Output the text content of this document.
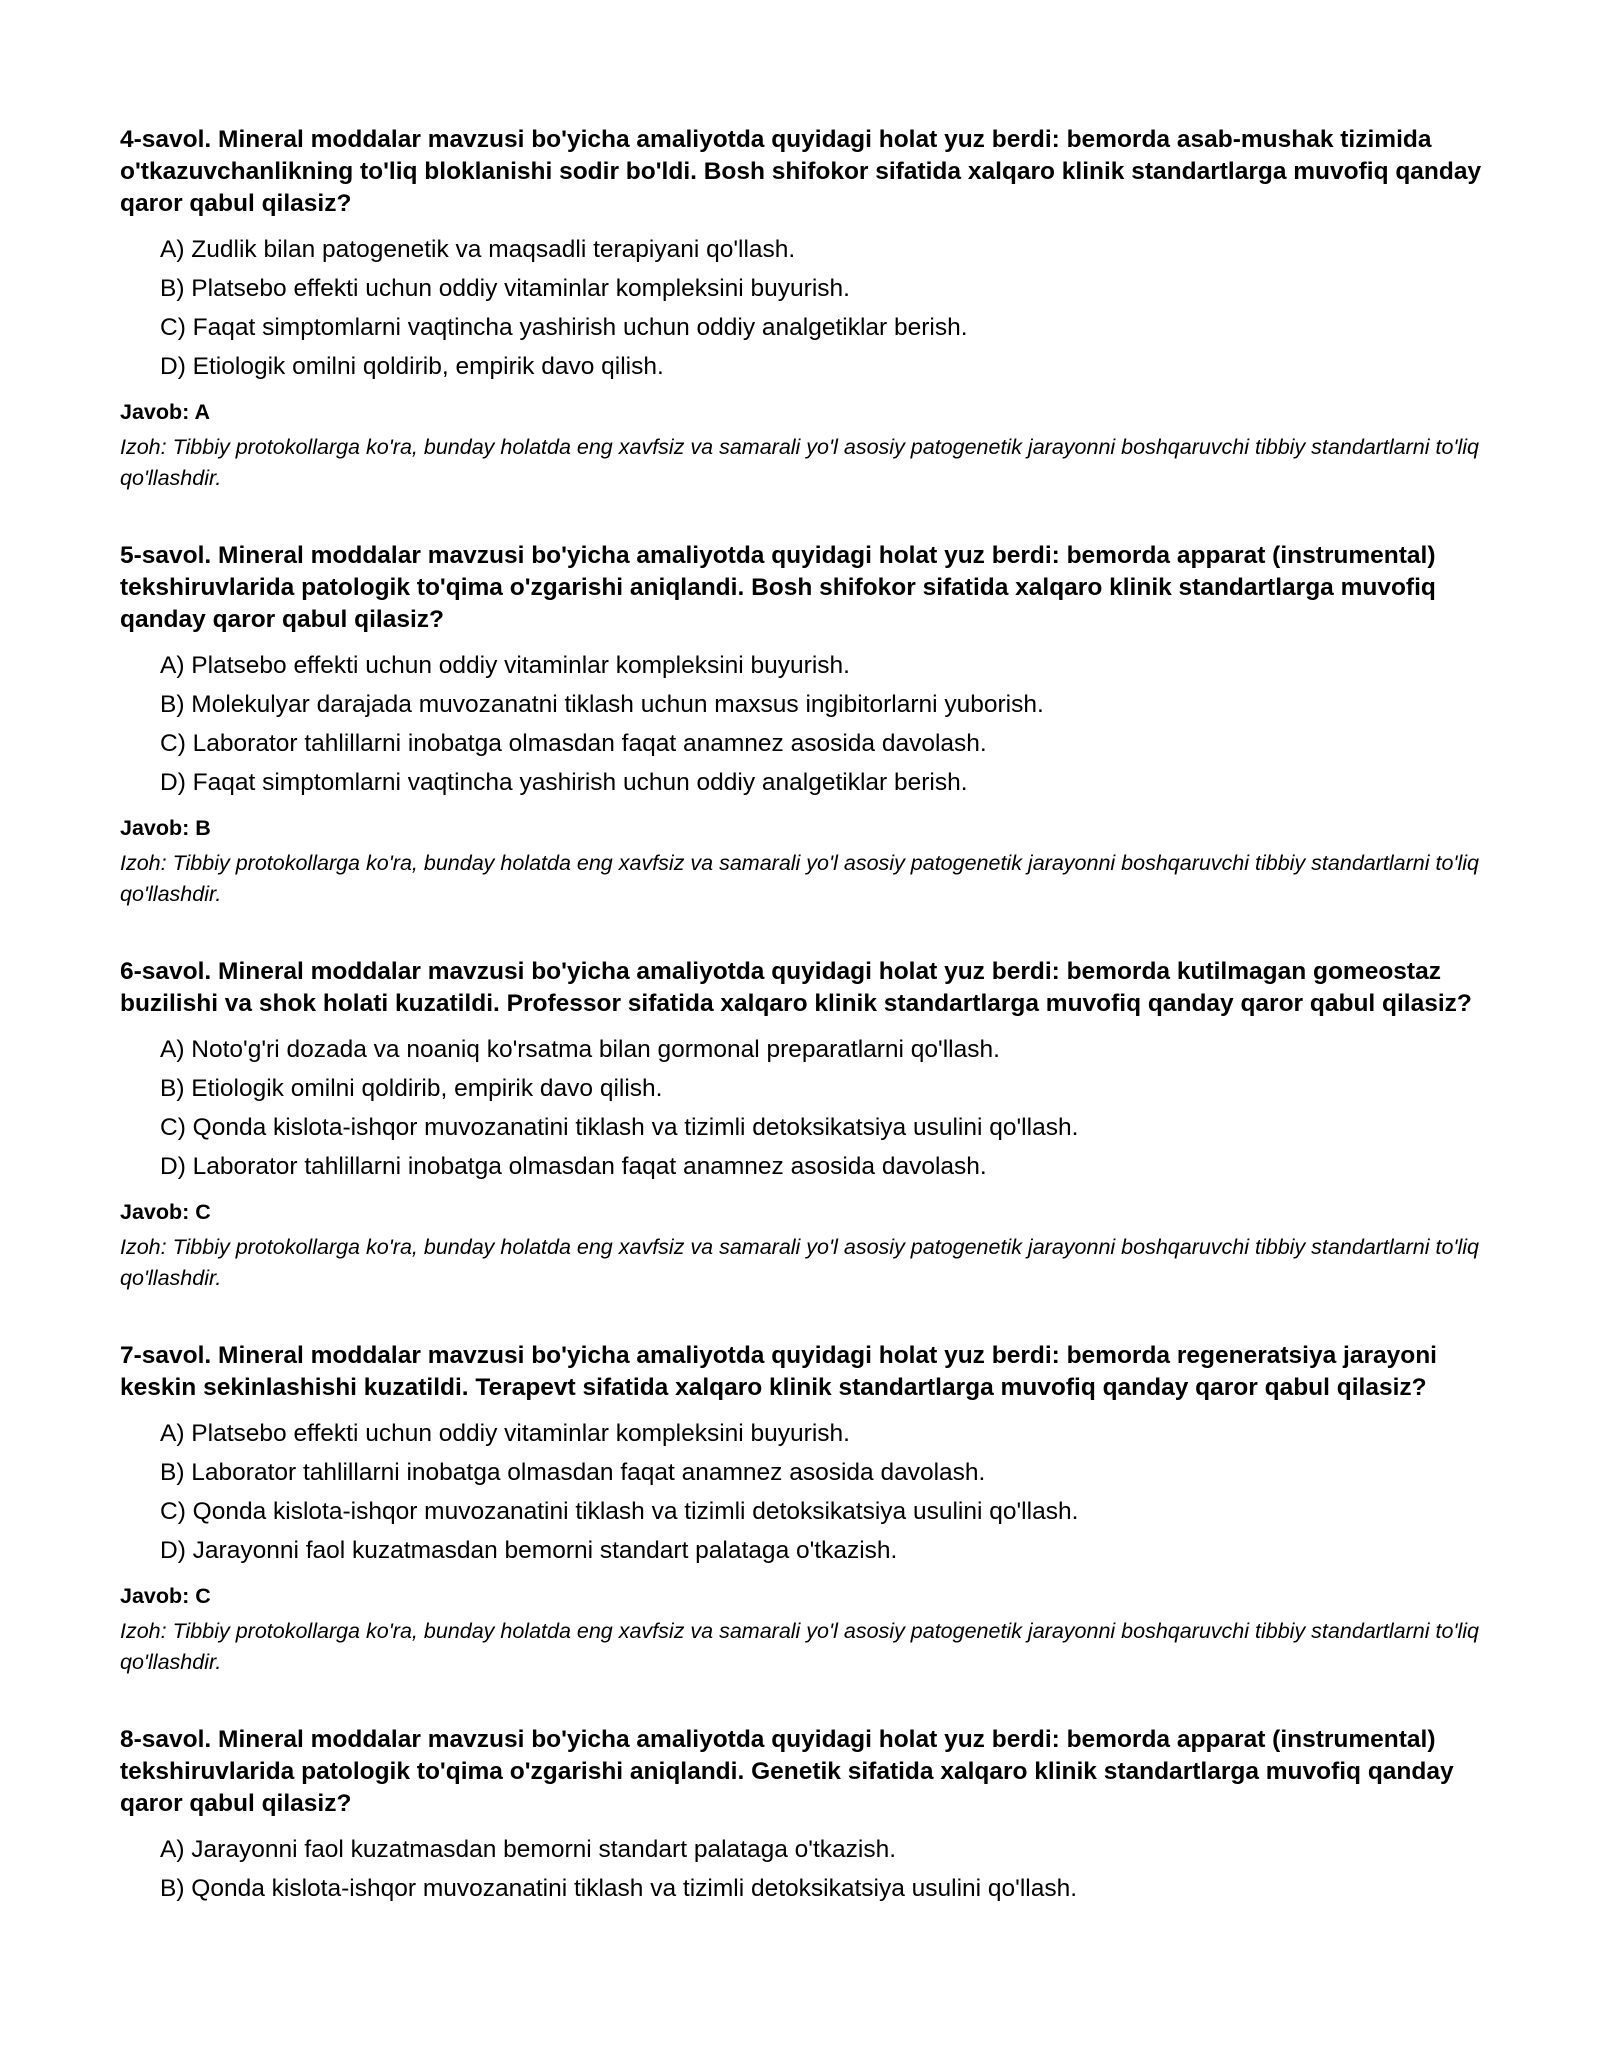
4-savol. Mineral moddalar mavzusi bo'yicha amaliyotda quyidagi holat yuz berdi: bemorda asab-mushak tizimida o'tkazuvchanlikning to'liq bloklanishi sodir bo'ldi. Bosh shifokor sifatida xalqaro klinik standartlarga muvofiq qanday qaror qabul qilasiz?

A) Zudlik bilan patogenetik va maqsadli terapiyani qo'llash.
B) Platsebo effekti uchun oddiy vitaminlar kompleksini buyurish.
C) Faqat simptomlarni vaqtincha yashirish uchun oddiy analgetiklar berish.
D) Etiologik omilni qoldirib, empirik davo qilish.

Javob: A

Izoh: Tibbiy protokollarga ko'ra, bunday holatda eng xavfsiz va samarali yo'l asosiy patogenetik jarayonni boshqaruvchi tibbiy standartlarni to'liq qo'llashdir.

5-savol. Mineral moddalar mavzusi bo'yicha amaliyotda quyidagi holat yuz berdi: bemorda apparat (instrumental) tekshiruvlarida patologik to'qima o'zgarishi aniqlandi. Bosh shifokor sifatida xalqaro klinik standartlarga muvofiq qanday qaror qabul qilasiz?

A) Platsebo effekti uchun oddiy vitaminlar kompleksini buyurish.
B) Molekulyar darajada muvozanatni tiklash uchun maxsus ingibitorlarni yuborish.
C) Laborator tahlillarni inobatga olmasdan faqat anamnez asosida davolash.
D) Faqat simptomlarni vaqtincha yashirish uchun oddiy analgetiklar berish.

Javob: B

Izoh: Tibbiy protokollarga ko'ra, bunday holatda eng xavfsiz va samarali yo'l asosiy patogenetik jarayonni boshqaruvchi tibbiy standartlarni to'liq qo'llashdir.

6-savol. Mineral moddalar mavzusi bo'yicha amaliyotda quyidagi holat yuz berdi: bemorda kutilmagan gomeostaz buzilishi va shok holati kuzatildi. Professor sifatida xalqaro klinik standartlarga muvofiq qanday qaror qabul qilasiz?

A) Noto'g'ri dozada va noaniq ko'rsatma bilan gormonal preparatlarni qo'llash.
B) Etiologik omilni qoldirib, empirik davo qilish.
C) Qonda kislota-ishqor muvozanatini tiklash va tizimli detoksikatsiya usulini qo'llash.
D) Laborator tahlillarni inobatga olmasdan faqat anamnez asosida davolash.

Javob: C

Izoh: Tibbiy protokollarga ko'ra, bunday holatda eng xavfsiz va samarali yo'l asosiy patogenetik jarayonni boshqaruvchi tibbiy standartlarni to'liq qo'llashdir.

7-savol. Mineral moddalar mavzusi bo'yicha amaliyotda quyidagi holat yuz berdi: bemorda regeneratsiya jarayoni keskin sekinlashishi kuzatildi. Terapevt sifatida xalqaro klinik standartlarga muvofiq qanday qaror qabul qilasiz?

A) Platsebo effekti uchun oddiy vitaminlar kompleksini buyurish.
B) Laborator tahlillarni inobatga olmasdan faqat anamnez asosida davolash.
C) Qonda kislota-ishqor muvozanatini tiklash va tizimli detoksikatsiya usulini qo'llash.
D) Jarayonni faol kuzatmasdan bemorni standart palataga o'tkazish.

Javob: C

Izoh: Tibbiy protokollarga ko'ra, bunday holatda eng xavfsiz va samarali yo'l asosiy patogenetik jarayonni boshqaruvchi tibbiy standartlarni to'liq qo'llashdir.

8-savol. Mineral moddalar mavzusi bo'yicha amaliyotda quyidagi holat yuz berdi: bemorda apparat (instrumental) tekshiruvlarida patologik to'qima o'zgarishi aniqlandi. Genetik sifatida xalqaro klinik standartlarga muvofiq qanday qaror qabul qilasiz?

A) Jarayonni faol kuzatmasdan bemorni standart palataga o'tkazish.
B) Qonda kislota-ishqor muvozanatini tiklash va tizimli detoksikatsiya usulini qo'llash.
